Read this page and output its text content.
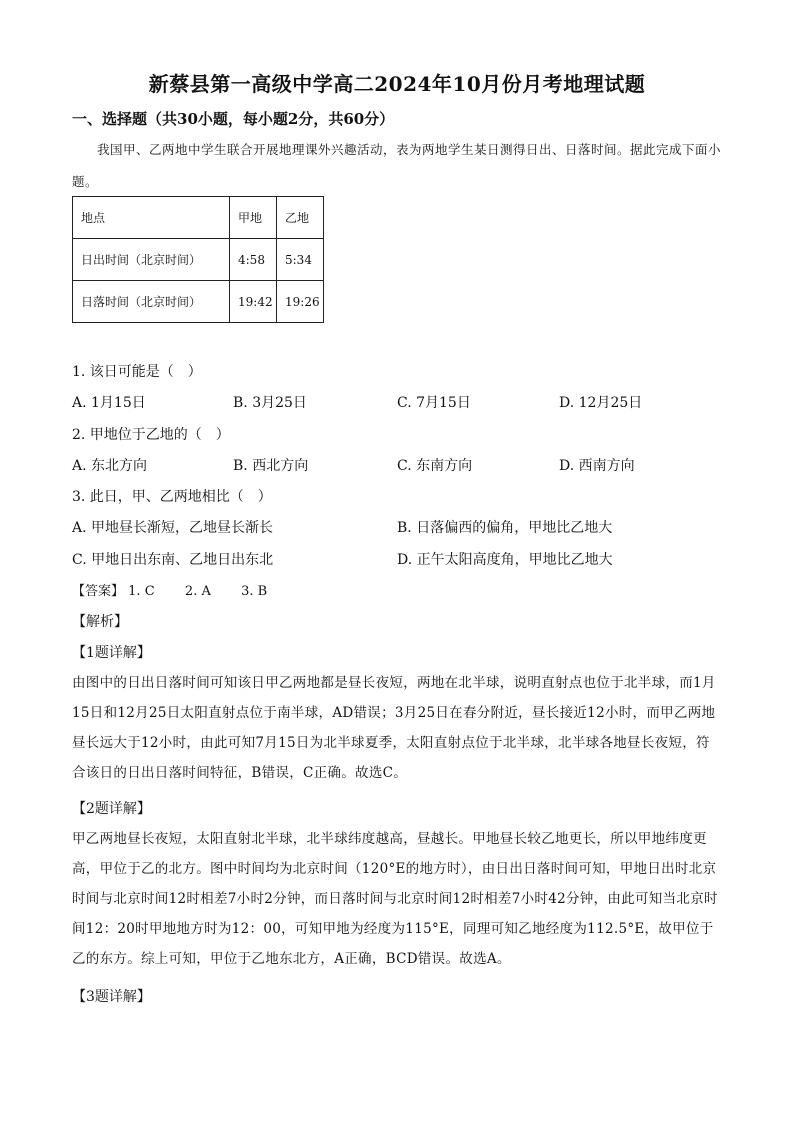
新蔡县第一高级中学高二2024年10月份月考地理试题
一、选择题（共30小题，每小题2分，共60分）
我国甲、乙两地中学生联合开展地理课外兴趣活动，表为两地学生某日测得日出、日落时间。据此完成下面小题。
地点	甲地	乙地
日出时间（北京时间）	4:58	5:34
日落时间（北京时间）	19:42	19:26
1. 该日可能是（　）
A. 1月15日	B. 3月25日	C. 7月15日	D. 12月25日
2. 甲地位于乙地的（　）
A. 东北方向	B. 西北方向	C. 东南方向	D. 西南方向
3. 此日，甲、乙两地相比（　）
A. 甲地昼长渐短，乙地昼长渐长	B. 日落偏西的偏角，甲地比乙地大
C. 甲地日出东南、乙地日出东北	D. 正午太阳高度角，甲地比乙地大
【答案】 1. C 2. A 3. B
【解析】
【1题详解】
由图中的日出日落时间可知该日甲乙两地都是昼长夜短，两地在北半球，说明直射点也位于北半球，而1月15日和12月25日太阳直射点位于南半球，AD错误；3月25日在春分附近，昼长接近12小时，而甲乙两地昼长远大于12小时，由此可知7月15日为北半球夏季，太阳直射点位于北半球，北半球各地昼长夜短，符合该日的日出日落时间特征，B错误，C正确。故选C。
【2题详解】
甲乙两地昼长夜短，太阳直射北半球，北半球纬度越高，昼越长。甲地昼长较乙地更长，所以甲地纬度更高，甲位于乙的北方。图中时间均为北京时间（120°E的地方时），由日出日落时间可知，甲地日出时北京时间与北京时间12时相差7小时2分钟，而日落时间与北京时间12时相差7小时42分钟，由此可知当北京时间12：20时甲地地方时为12：00，可知甲地为经度为115°E，同理可知乙地经度为112.5°E，故甲位于乙的东方。综上可知，甲位于乙地东北方，A正确，BCD错误。故选A。
【3题详解】
